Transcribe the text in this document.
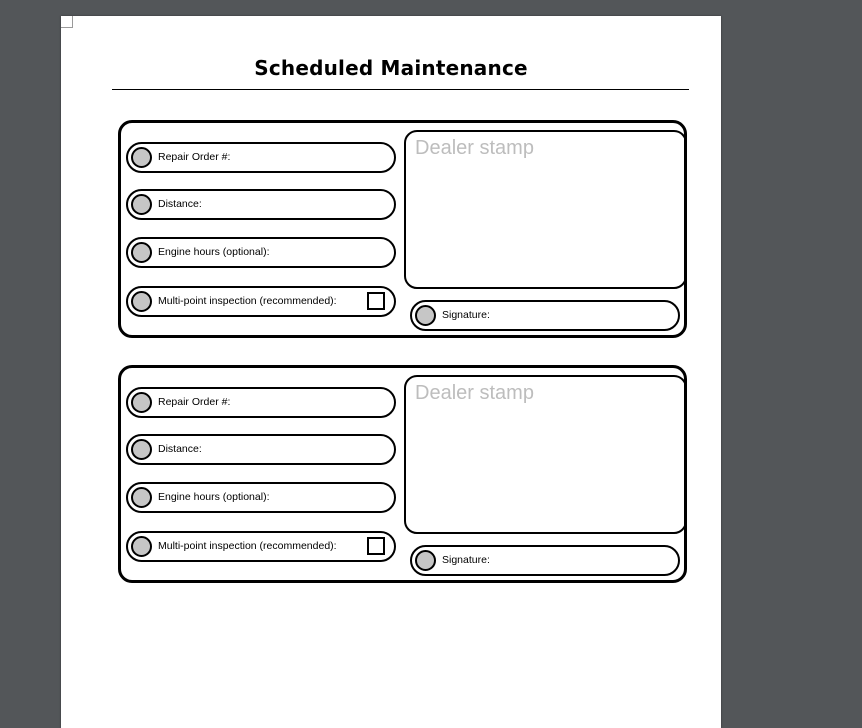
Scheduled Maintenance
Repair Order #:
Distance:
Engine hours (optional):
Multi-point inspection (recommended):
Dealer stamp
Signature:
Repair Order #:
Distance:
Engine hours (optional):
Multi-point inspection (recommended):
Dealer stamp
Signature:
